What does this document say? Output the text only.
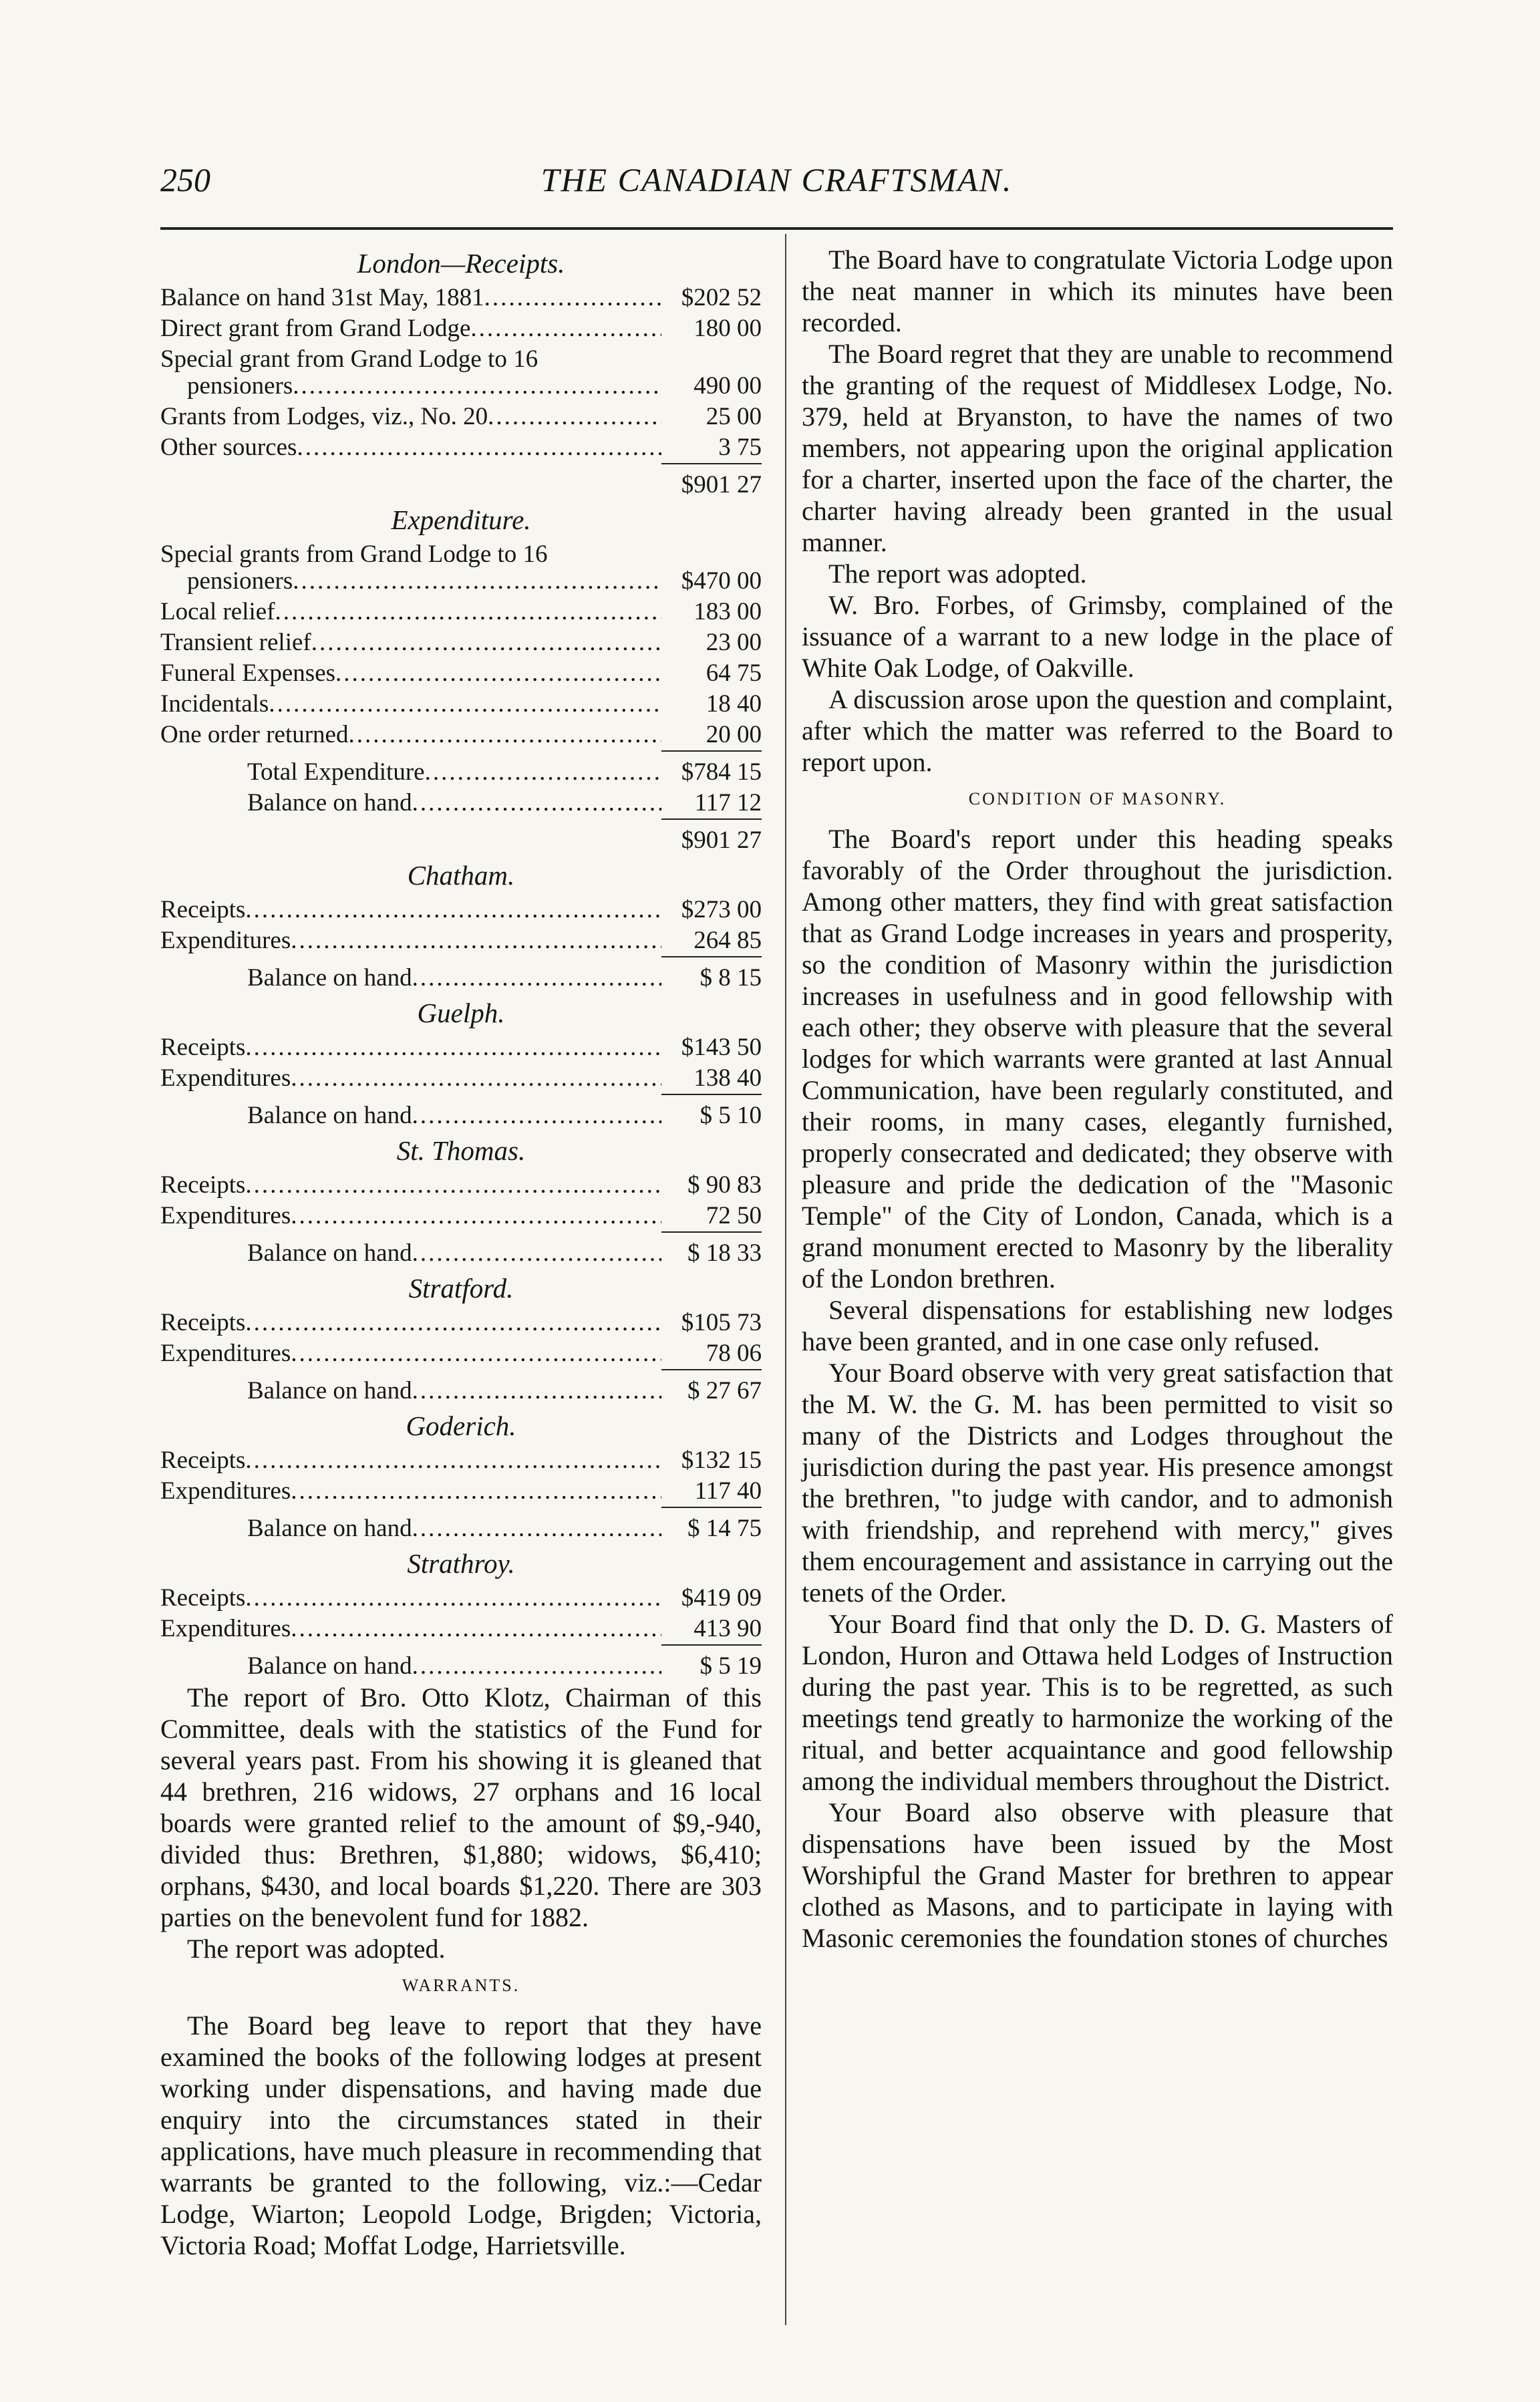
250	THE CANADIAN CRAFTSMAN.
London—Receipts.
Balance on hand 31st May, 1881 .....	$202 52
Direct grant from Grand Lodge .....	180 00
Special grant from Grand Lodge to 16
pensioners .....	490 00
Grants from Lodges, viz., No. 20 .....	25 00
Other sources .....	3 75
$901 27
Expenditure.
Special grants from Grand Lodge to 16
pensioners .....	$470 00
Local relief .....	183 00
Transient relief .....	23 00
Funeral Expenses .....	64 75
Incidentals .....	18 40
One order returned .....	20 00
Total Expenditure .....	$784 15
Balance on hand .....	117 12
$901 27
Chatham.
Receipts .....	$273 00
Expenditures .....	264 85
Balance on hand .....	$ 8 15
Guelph.
Receipts .....	$143 50
Expenditures .....	138 40
Balance on hand .....	$ 5 10
St. Thomas.
Receipts .....	$ 90 83
Expenditures .....	72 50
Balance on hand .....	$ 18 33
Stratford.
Receipts .....	$105 73
Expenditures .....	78 06
Balance on hand .....	$ 27 67
Goderich.
Receipts .....	$132 15
Expenditures .....	117 40
Balance on hand .....	$ 14 75
Strathroy.
Receipts .....	$419 09
Expenditures .....	413 90
Balance on hand .....	$ 5 19

The report of Bro. Otto Klotz, Chairman of this Committee, deals with the statistics of the Fund for several years past. From his showing it is gleaned that 44 brethren, 216 widows, 27 orphans and 16 local boards were granted relief to the amount of $9,-940, divided thus: Brethren, $1,880; widows, $6,410; orphans, $430, and local boards $1,220. There are 303 parties on the benevolent fund for 1882.

The report was adopted.

WARRANTS.

The Board beg leave to report that they have examined the books of the following lodges at present working under dispensations, and having made due enquiry into the circumstances stated in their applications, have much pleasure in recommending that warrants be granted to the following, viz.:—Cedar Lodge, Wiarton; Leopold Lodge, Brigden; Victoria, Victoria Road; Moffat Lodge, Harrietsville.

The Board have to congratulate Victoria Lodge upon the neat manner in which its minutes have been recorded.

The Board regret that they are unable to recommend the granting of the request of Middlesex Lodge, No. 379, held at Bryanston, to have the names of two members, not appearing upon the original application for a charter, inserted upon the face of the charter, the charter having already been granted in the usual manner.

The report was adopted.

W. Bro. Forbes, of Grimsby, complained of the issuance of a warrant to a new lodge in the place of White Oak Lodge, of Oakville.

A discussion arose upon the question and complaint, after which the matter was referred to the Board to report upon.

CONDITION OF MASONRY.

The Board's report under this heading speaks favorably of the Order throughout the jurisdiction. Among other matters, they find with great satisfaction that as Grand Lodge increases in years and prosperity, so the condition of Masonry within the jurisdiction increases in usefulness and in good fellowship with each other; they observe with pleasure that the several lodges for which warrants were granted at last Annual Communication, have been regularly constituted, and their rooms, in many cases, elegantly furnished, properly consecrated and dedicated; they observe with pleasure and pride the dedication of the "Masonic Temple" of the City of London, Canada, which is a grand monument erected to Masonry by the liberality of the London brethren.

Several dispensations for establishing new lodges have been granted, and in one case only refused.

Your Board observe with very great satisfaction that the M. W. the G. M. has been permitted to visit so many of the Districts and Lodges throughout the jurisdiction during the past year. His presence amongst the brethren, "to judge with candor, and to admonish with friendship, and reprehend with mercy," gives them encouragement and assistance in carrying out the tenets of the Order.

Your Board find that only the D. D. G. Masters of London, Huron and Ottawa held Lodges of Instruction during the past year. This is to be regretted, as such meetings tend greatly to harmonize the working of the ritual, and better acquaintance and good fellowship among the individual members throughout the District.

Your Board also observe with pleasure that dispensations have been issued by the Most Worshipful the Grand Master for brethren to appear clothed as Masons, and to participate in laying with Masonic ceremonies the foundation stones of churches
